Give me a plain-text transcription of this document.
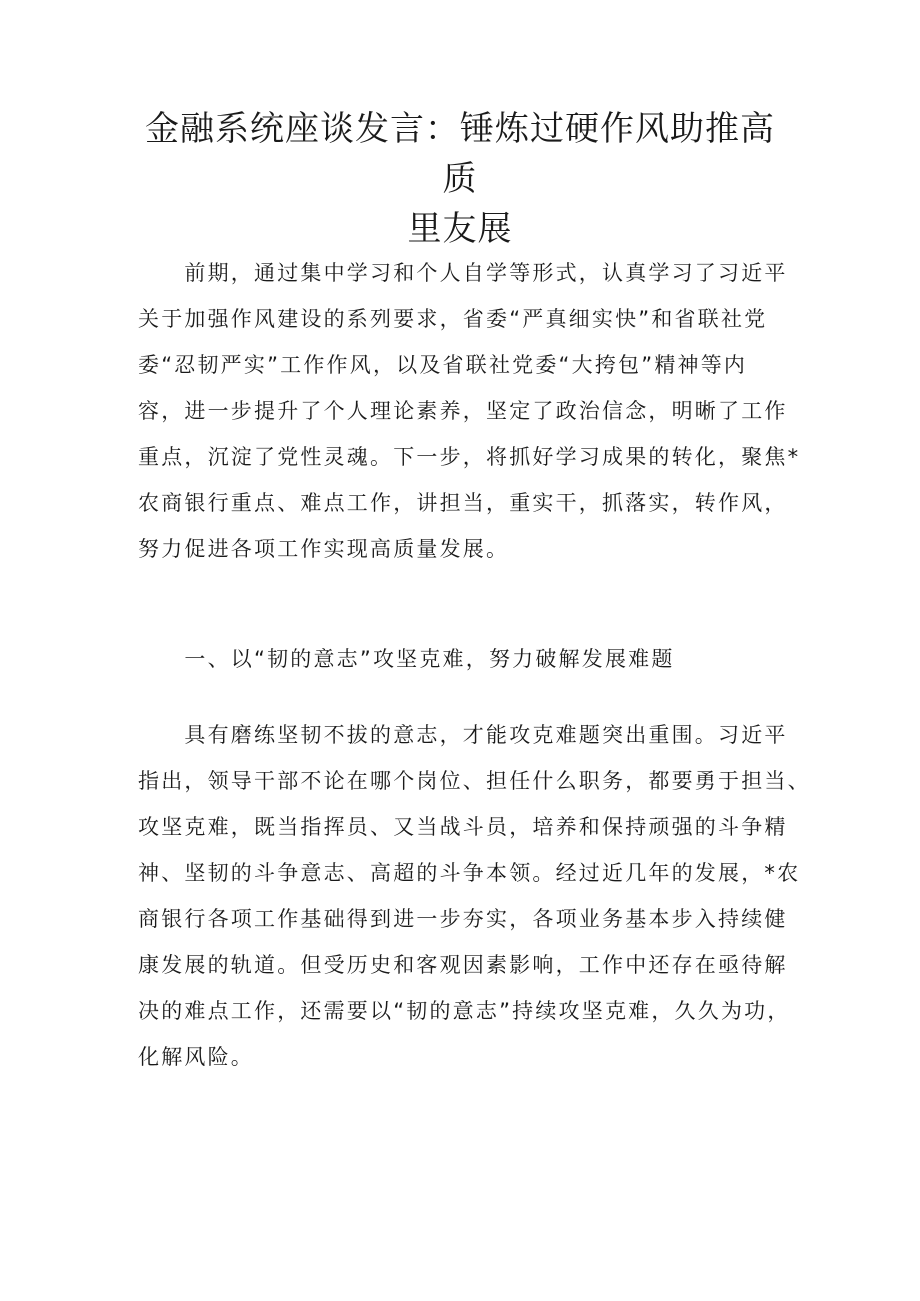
金融系统座谈发言：锤炼过硬作风助推高质
里友展
　　前期，通过集中学习和个人自学等形式，认真学习了习近平
关于加强作风建设的系列要求，省委“严真细实快”和省联社党
委“忍韧严实”工作作风，以及省联社党委“大挎包”精神等内
容，进一步提升了个人理论素养，坚定了政治信念，明晰了工作
重点，沉淀了党性灵魂。下一步，将抓好学习成果的转化，聚焦*
农商银行重点、难点工作，讲担当，重实干，抓落实，转作风，
努力促进各项工作实现高质量发展。
　　一、以“韧的意志”攻坚克难，努力破解发展难题
　　具有磨练坚韧不拔的意志，才能攻克难题突出重围。习近平
指出，领导干部不论在哪个岗位、担任什么职务，都要勇于担当、
攻坚克难，既当指挥员、又当战斗员，培养和保持顽强的斗争精
神、坚韧的斗争意志、高超的斗争本领。经过近几年的发展，*农
商银行各项工作基础得到进一步夯实，各项业务基本步入持续健
康发展的轨道。但受历史和客观因素影响，工作中还存在亟待解
决的难点工作，还需要以“韧的意志”持续攻坚克难，久久为功，
化解风险。
